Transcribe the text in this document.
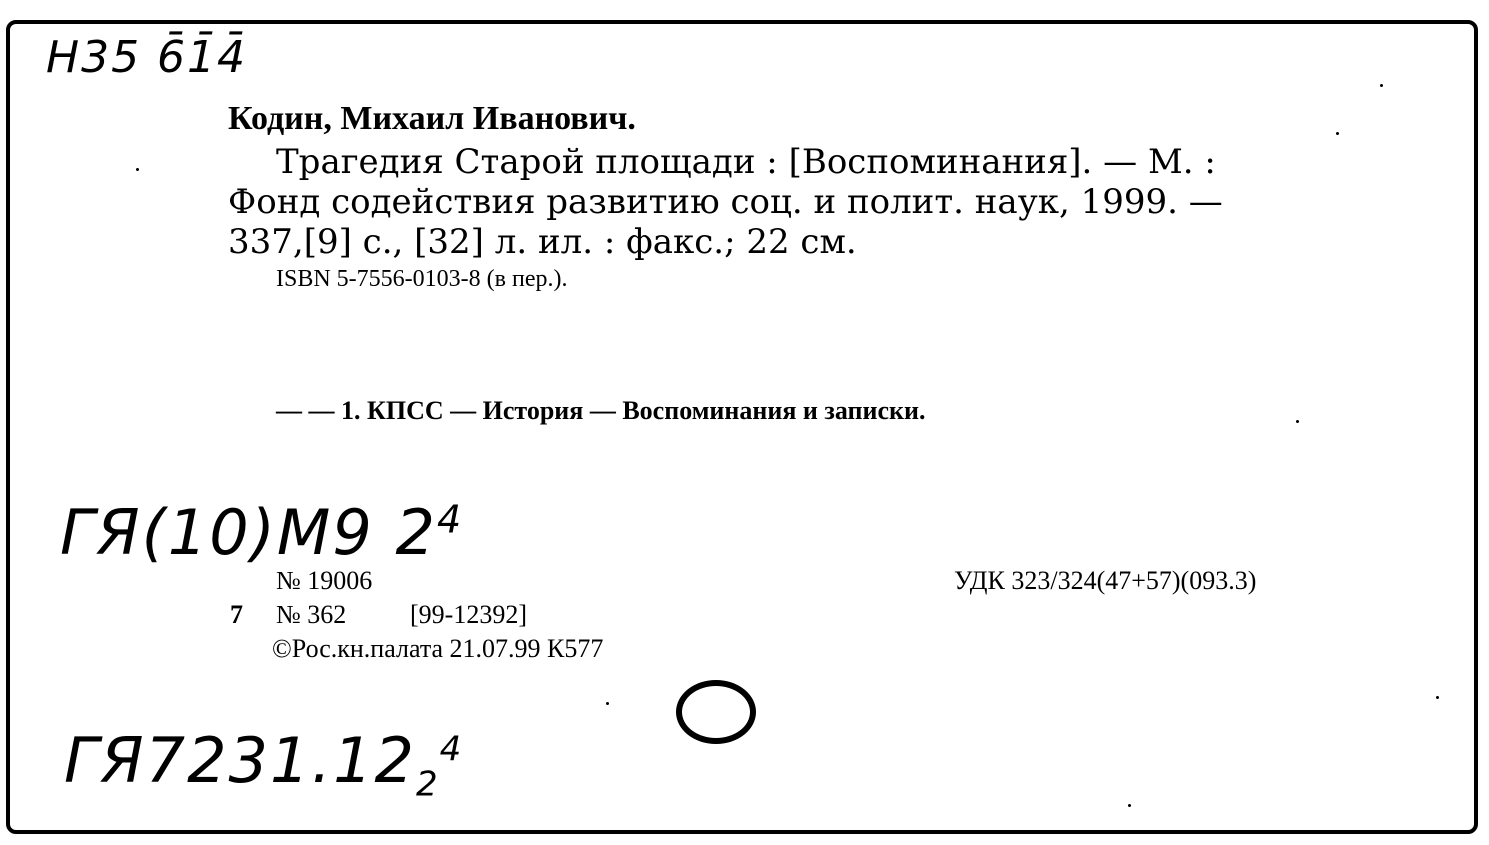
Н35 6̄1̄4̄
Кодин, Михаил Иванович.
Трагедия Старой площади : [Воспоминания]. — М. :
Фонд содействия развитию соц. и полит. наук, 1999. —
337,[9] с., [32] л. ил. : факс.; 22 см.
ISBN 5-7556-0103-8 (в пер.).
— — 1. КПСС — История — Воспоминания и записки.
ГЯ(10)М9 $2^4$
№ 19006	УДК 323/324(47+57)(093.3)
7 № 362 [99-12392]
©Рос.кн.палата 21.07.99 К577
$ГЯ7231.12_2^4$
